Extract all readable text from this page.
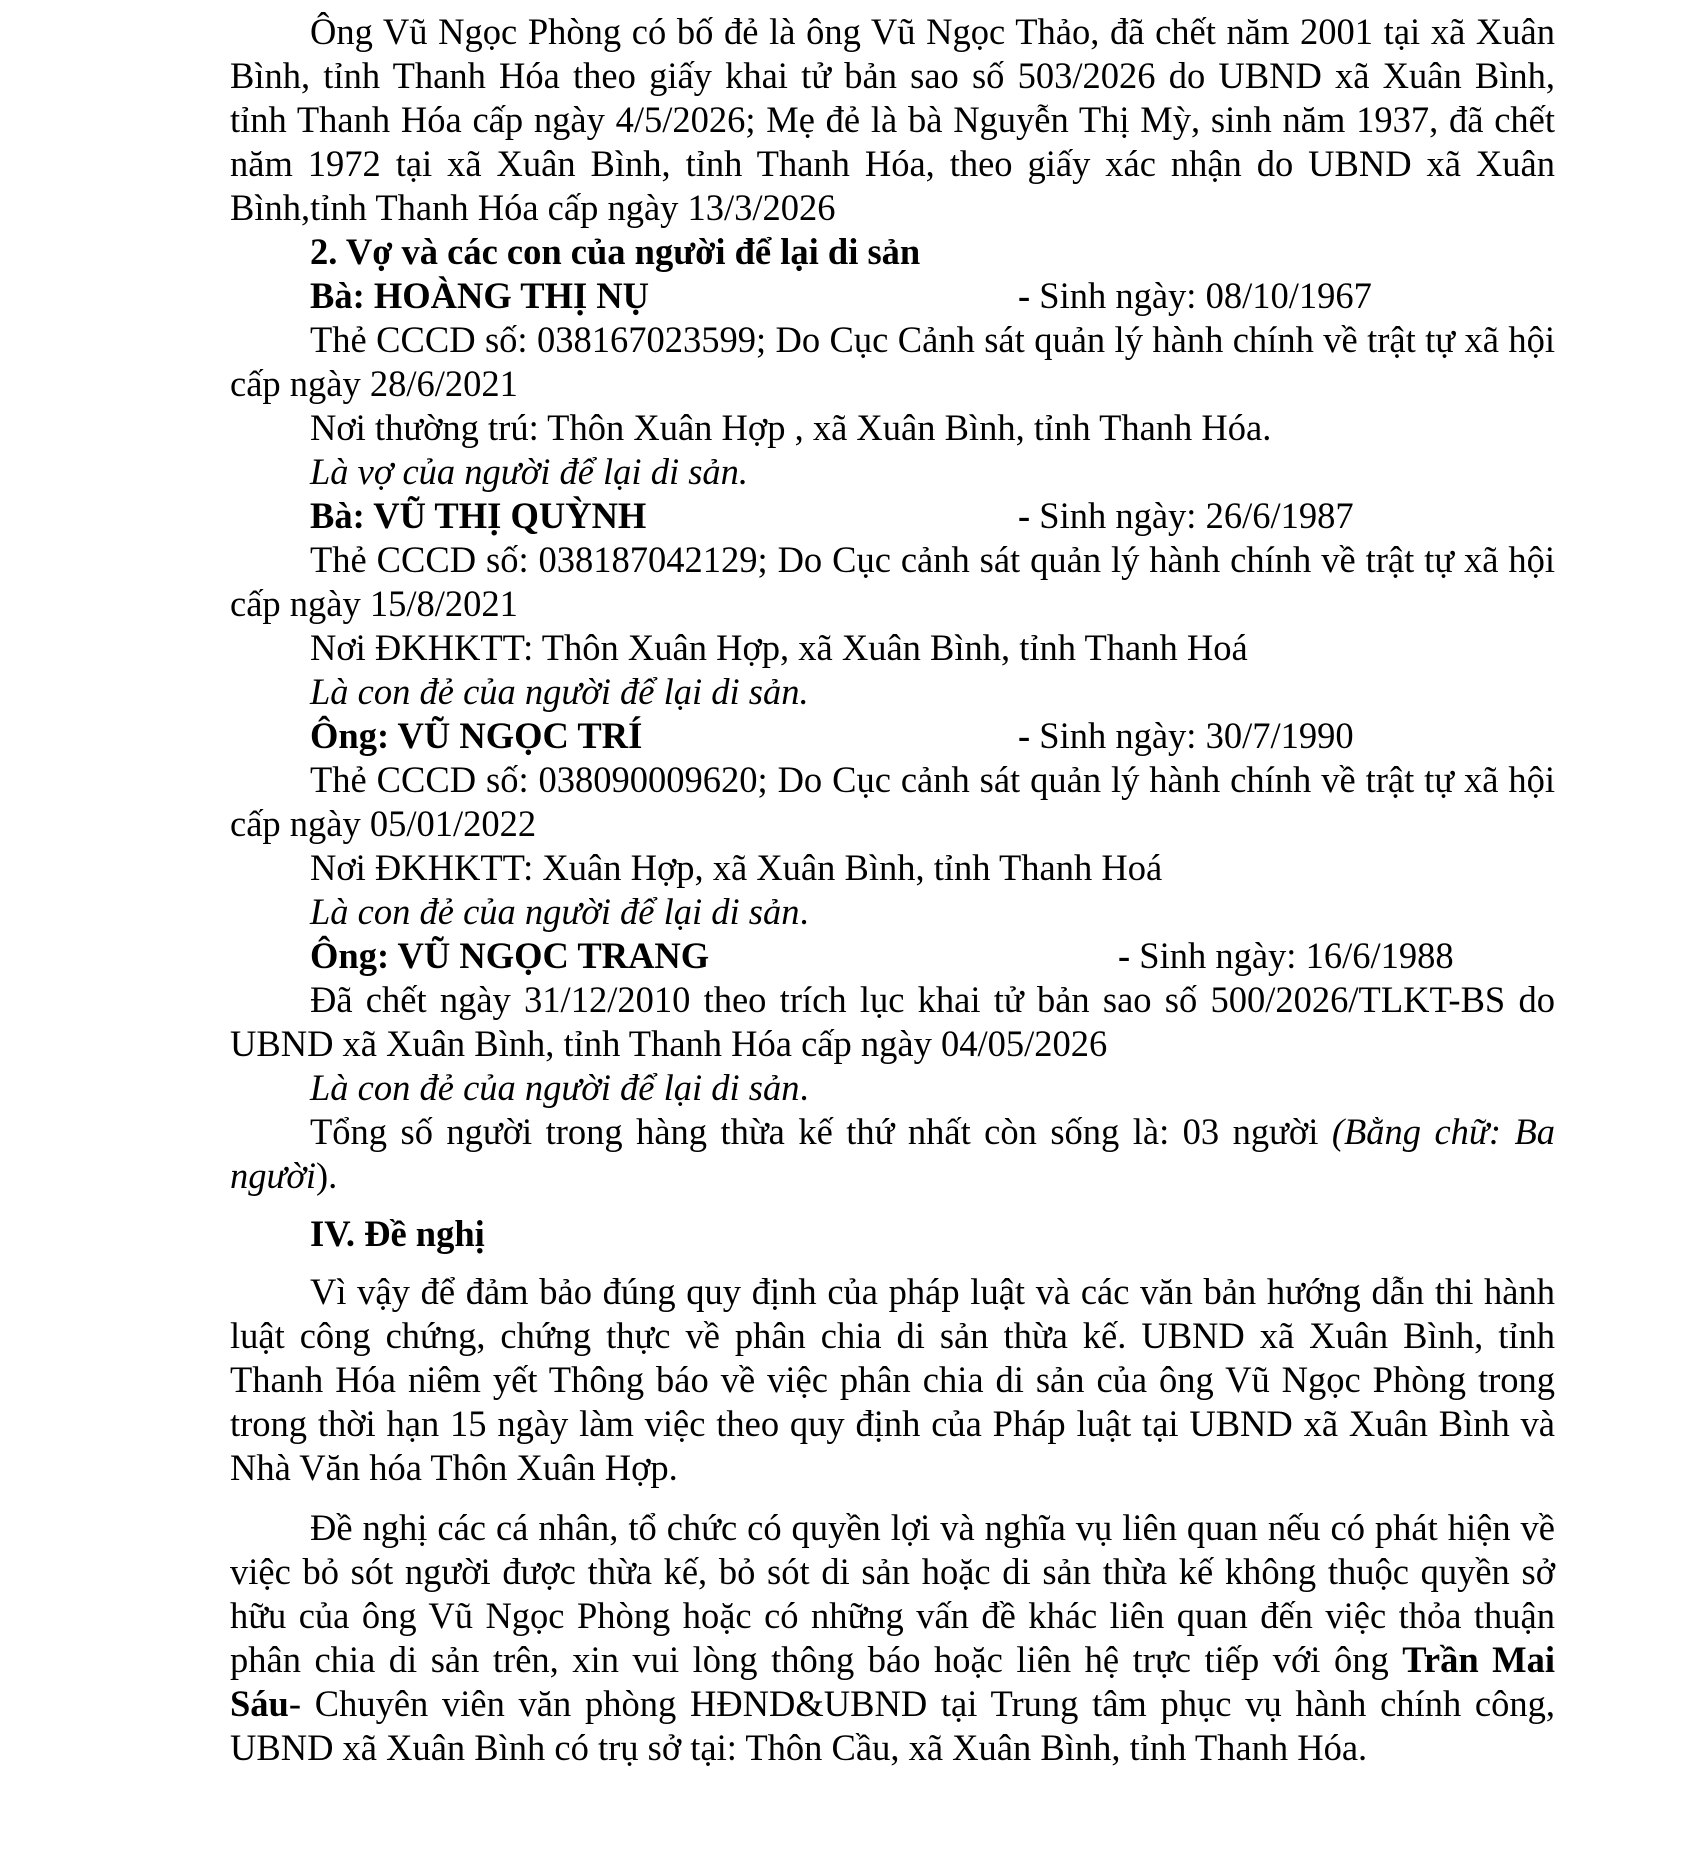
Ông Vũ Ngọc Phòng có bố đẻ là ông Vũ Ngọc Thảo, đã chết năm 2001 tại xã Xuân Bình, tỉnh Thanh Hóa theo giấy khai tử bản sao số 503/2026 do UBND xã Xuân Bình, tỉnh Thanh Hóa cấp ngày 4/5/2026; Mẹ đẻ là bà Nguyễn Thị Mỳ, sinh năm 1937, đã chết năm 1972 tại xã Xuân Bình, tỉnh Thanh Hóa, theo giấy xác nhận do UBND xã Xuân Bình,tỉnh Thanh Hóa cấp ngày 13/3/2026

2. Vợ và các con của người để lại di sản

Bà: HOÀNG THỊ NỤ	- Sinh ngày: 08/10/1967

Thẻ CCCD số: 038167023599; Do Cục Cảnh sát quản lý hành chính về trật tự xã hội cấp ngày 28/6/2021

Nơi thường trú: Thôn Xuân Hợp , xã Xuân Bình, tỉnh Thanh Hóa.

Là vợ của người để lại di sản.

Bà: VŨ THỊ QUỲNH	- Sinh ngày: 26/6/1987

Thẻ CCCD số: 038187042129; Do Cục cảnh sát quản lý hành chính về trật tự xã hội cấp ngày 15/8/2021

Nơi ĐKHKTT: Thôn Xuân Hợp, xã Xuân Bình, tỉnh Thanh Hoá

Là con đẻ của người để lại di sản.

Ông: VŨ NGỌC TRÍ	- Sinh ngày: 30/7/1990

Thẻ CCCD số: 038090009620; Do Cục cảnh sát quản lý hành chính về trật tự xã hội cấp ngày 05/01/2022

Nơi ĐKHKTT: Xuân Hợp, xã Xuân Bình, tỉnh Thanh Hoá

Là con đẻ của người để lại di sản.

Ông: VŨ NGỌC TRANG	- Sinh ngày: 16/6/1988

Đã chết ngày 31/12/2010 theo trích lục khai tử bản sao số 500/2026/TLKT-BS do UBND xã Xuân Bình, tỉnh Thanh Hóa cấp ngày 04/05/2026

Là con đẻ của người để lại di sản.

Tổng số người trong hàng thừa kế thứ nhất còn sống là: 03 người (Bằng chữ: Ba người).

IV. Đề nghị

Vì vậy để đảm bảo đúng quy định của pháp luật và các văn bản hướng dẫn thi hành luật công chứng, chứng thực về phân chia di sản thừa kế. UBND xã Xuân Bình, tỉnh Thanh Hóa niêm yết Thông báo về việc phân chia di sản của ông Vũ Ngọc Phòng trong trong thời hạn 15 ngày làm việc theo quy định của Pháp luật tại UBND xã Xuân Bình và Nhà Văn hóa Thôn Xuân Hợp.

Đề nghị các cá nhân, tổ chức có quyền lợi và nghĩa vụ liên quan nếu có phát hiện về việc bỏ sót người được thừa kế, bỏ sót di sản hoặc di sản thừa kế không thuộc quyền sở hữu của ông Vũ Ngọc Phòng hoặc có những vấn đề khác liên quan đến việc thỏa thuận phân chia di sản trên, xin vui lòng thông báo hoặc liên hệ trực tiếp với ông Trần Mai Sáu- Chuyên viên văn phòng HĐND&UBND tại Trung tâm phục vụ hành chính công, UBND xã Xuân Bình có trụ sở tại: Thôn Cầu, xã Xuân Bình, tỉnh Thanh Hóa.
